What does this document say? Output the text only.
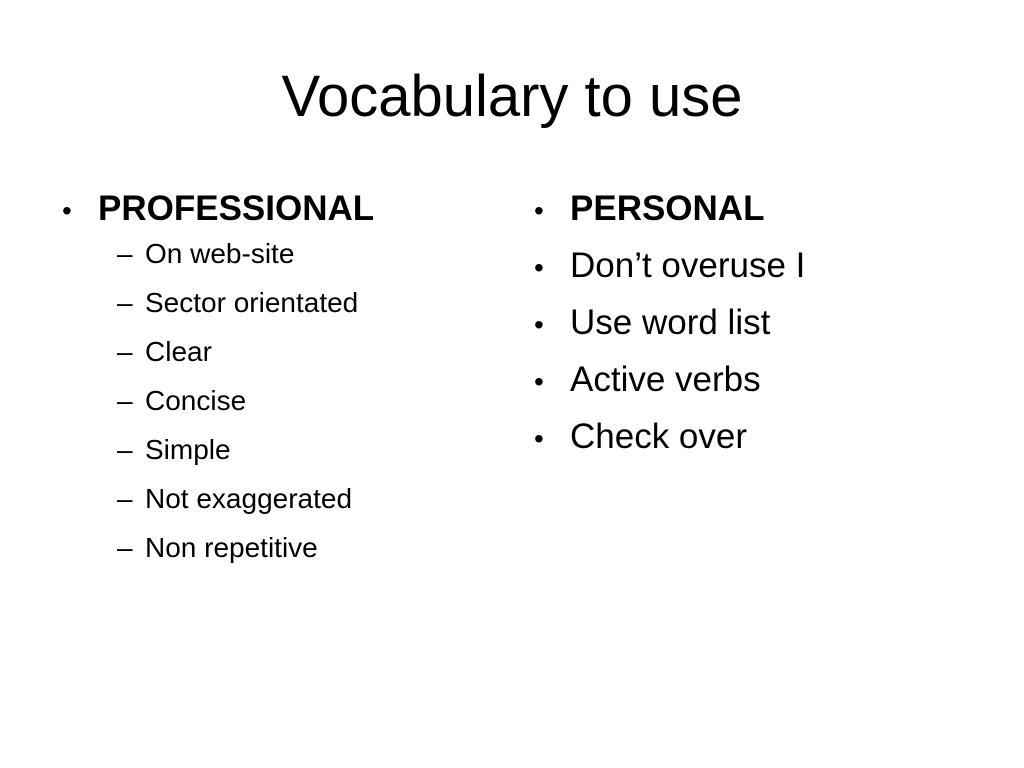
Vocabulary to use
• PROFESSIONAL
– On web-site
– Sector orientated
– Clear
– Concise
– Simple
– Not exaggerated
– Non repetitive
• PERSONAL
• Don’t overuse I
• Use word list
• Active verbs
• Check over
